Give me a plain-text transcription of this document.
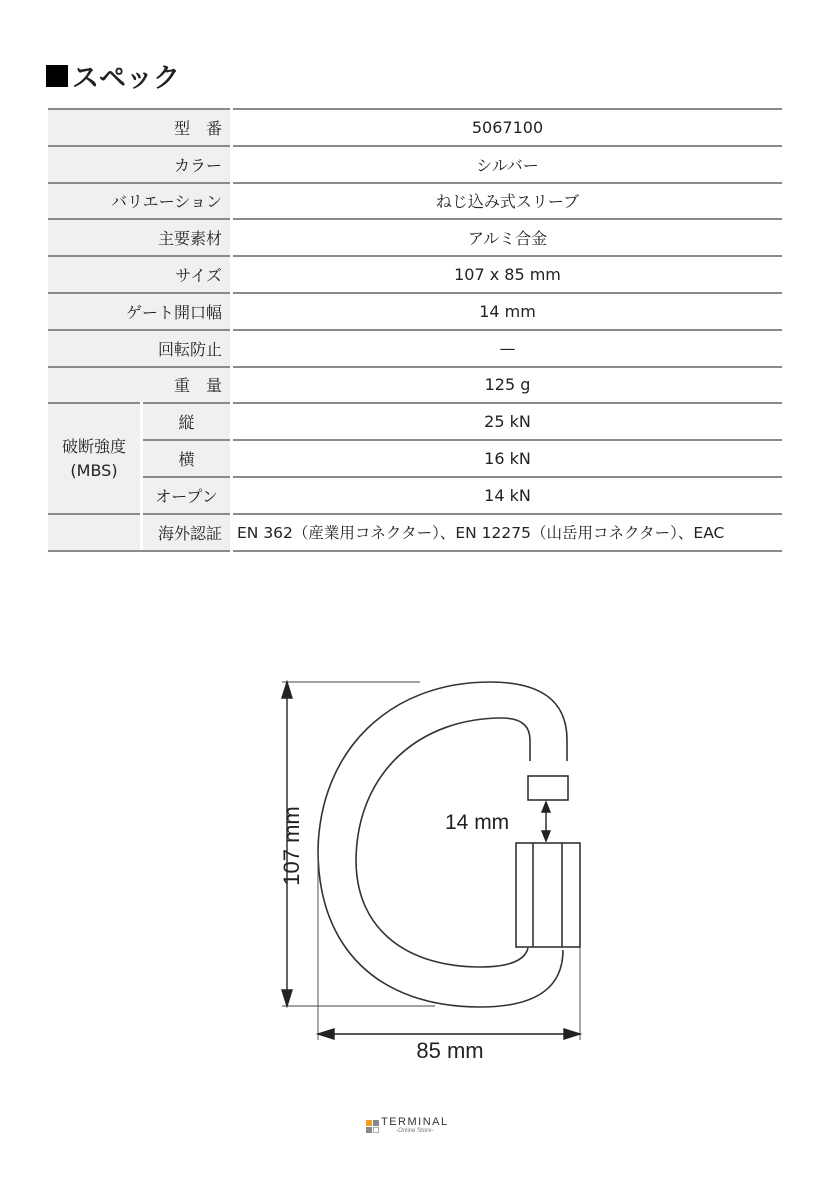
スペック
型　番	5067100
カラー	シルバー
バリエーション	ねじ込み式スリーブ
主要素材	アルミ合金
サイズ	107 x 85 mm
ゲート開口幅	14 mm
回転防止	—
重　量	125 g
破断強度
(MBS)
縦	25 kN
横	16 kN
オープン	14 kN
海外認証 EN 362（産業用コネクター）、EN 12275（山岳用コネクター）、EAC
107 mm
85 mm
14 mm
TERMINAL
-Online Store-
